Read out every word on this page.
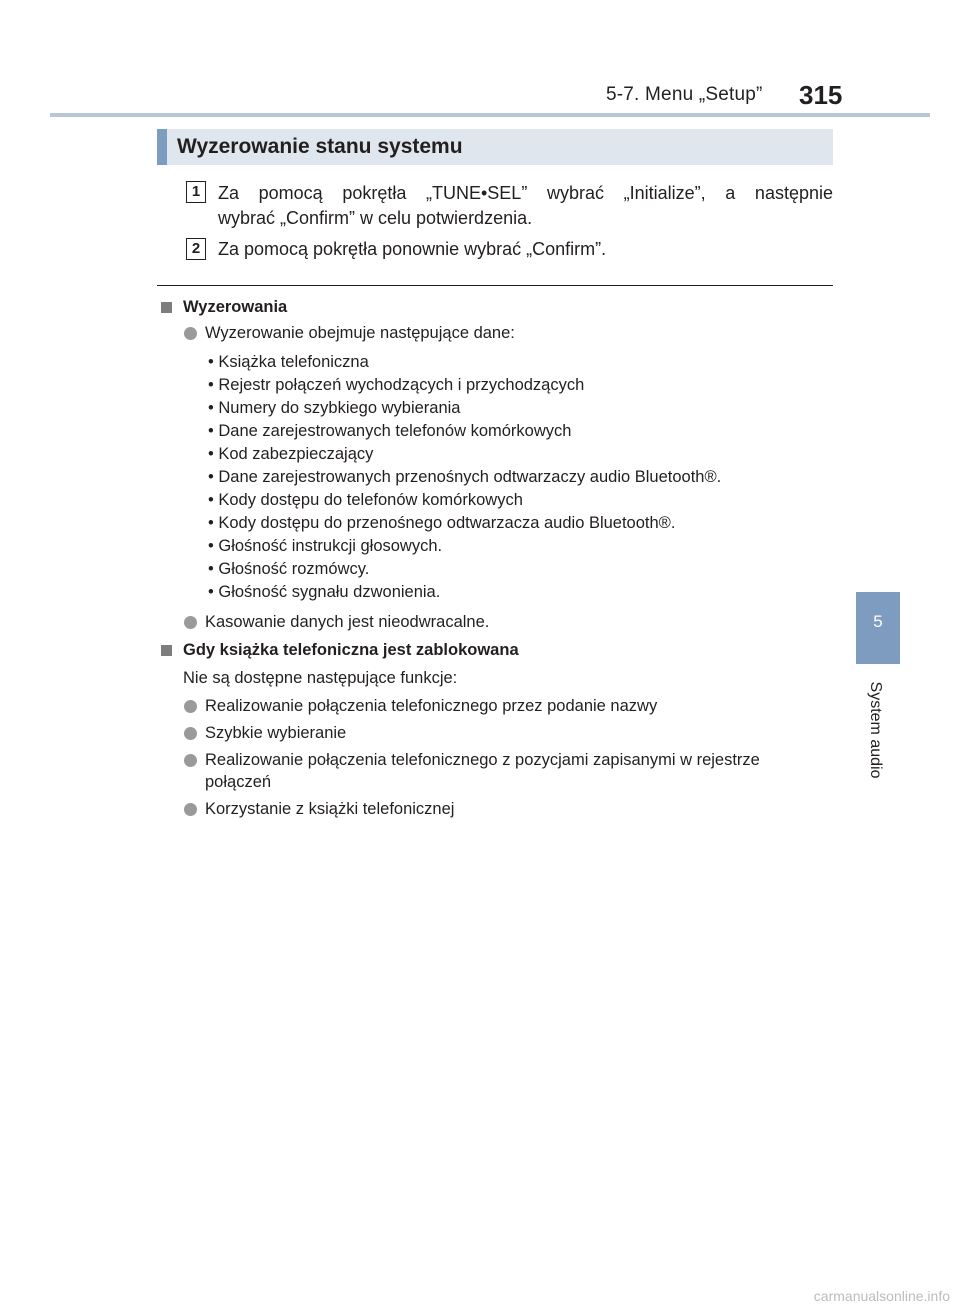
5-7. Menu „Setup” 315
5
System audio
Wyzerowanie stanu systemu
1 Za pomocą pokrętła „TUNE•SEL” wybrać „Initialize”, a następnie
wybrać „Confirm” w celu potwierdzenia.
2 Za pomocą pokrętła ponownie wybrać „Confirm”.
Wyzerowania
Wyzerowanie obejmuje następujące dane:
• Książka telefoniczna
• Rejestr połączeń wychodzących i przychodzących
• Numery do szybkiego wybierania
• Dane zarejestrowanych telefonów komórkowych
• Kod zabezpieczający
• Dane zarejestrowanych przenośnych odtwarzaczy audio Bluetooth®.
• Kody dostępu do telefonów komórkowych
• Kody dostępu do przenośnego odtwarzacza audio Bluetooth®.
• Głośność instrukcji głosowych.
• Głośność rozmówcy.
• Głośność sygnału dzwonienia.
Kasowanie danych jest nieodwracalne.
Gdy książka telefoniczna jest zablokowana
Nie są dostępne następujące funkcje:
Realizowanie połączenia telefonicznego przez podanie nazwy
Szybkie wybieranie
Realizowanie połączenia telefonicznego z pozycjami zapisanymi w rejestrze
połączeń
Korzystanie z książki telefonicznej
carmanualsonline.info
